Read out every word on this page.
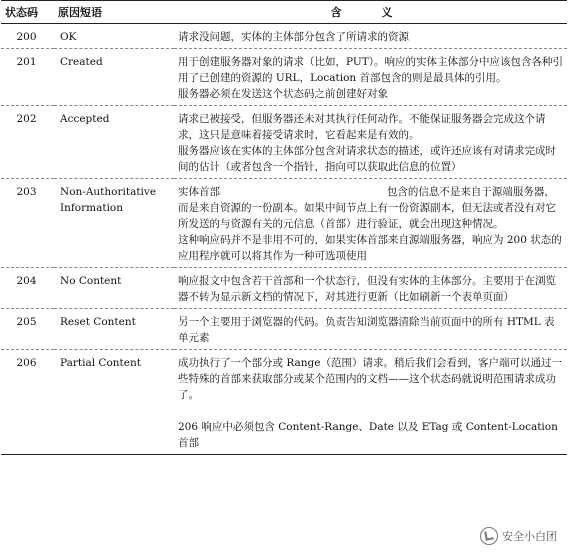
状态码	原因短语	含 义
200	OK	请求没问题，实体的主体部分包含了所请求的资源

201	Created	用于创建服务器对象的请求（比如，PUT）。响应的实体主体部分中应该包含各种引用了已创建的资源的 URL，Location 首部包含的则是最具体的引用。

服务器必须在发送这个状态码之前创建好对象

202	Accepted	请求已被接受，但服务器还未对其执行任何动作。不能保证服务器会完成这个请求，这只是意味着接受请求时，它看起来是有效的。

服务器应该在实体的主体部分包含对请求状态的描述，或许还应该有对请求完成时间的估计（或者包含一个指针，指向可以获取此信息的位置）

203	Non-Authoritative Information	实体首部                                                  包含的信息不是来自于源端服务器，而是来自资源的一份副本。如果中间节点上有一份资源副本，但无法或者没有对它所发送的与资源有关的元信息（首部）进行验证，就会出现这种情况。

这种响应码并不是非用不可的，如果实体首部来自源端服务器，响应为 200 状态的应用程序就可以将其作为一种可选项使用

204	No Content	响应报文中包含若干首部和一个状态行，但没有实体的主体部分。主要用于在浏览器不转为显示新文档的情况下，对其进行更新（比如刷新一个表单页面）

205	Reset Content	另一个主要用于浏览器的代码。负责告知浏览器清除当前页面中的所有 HTML 表单元素

206	Partial Content	成功执行了一个部分或 Range（范围）请求。稍后我们会看到，客户端可以通过一些特殊的首部来获取部分或某个范围内的文档——这个状态码就说明范围请求成功了。

206 响应中必须包含 Content-Range、Date 以及 ETag 或 Content-Location 首部

安全小白团
